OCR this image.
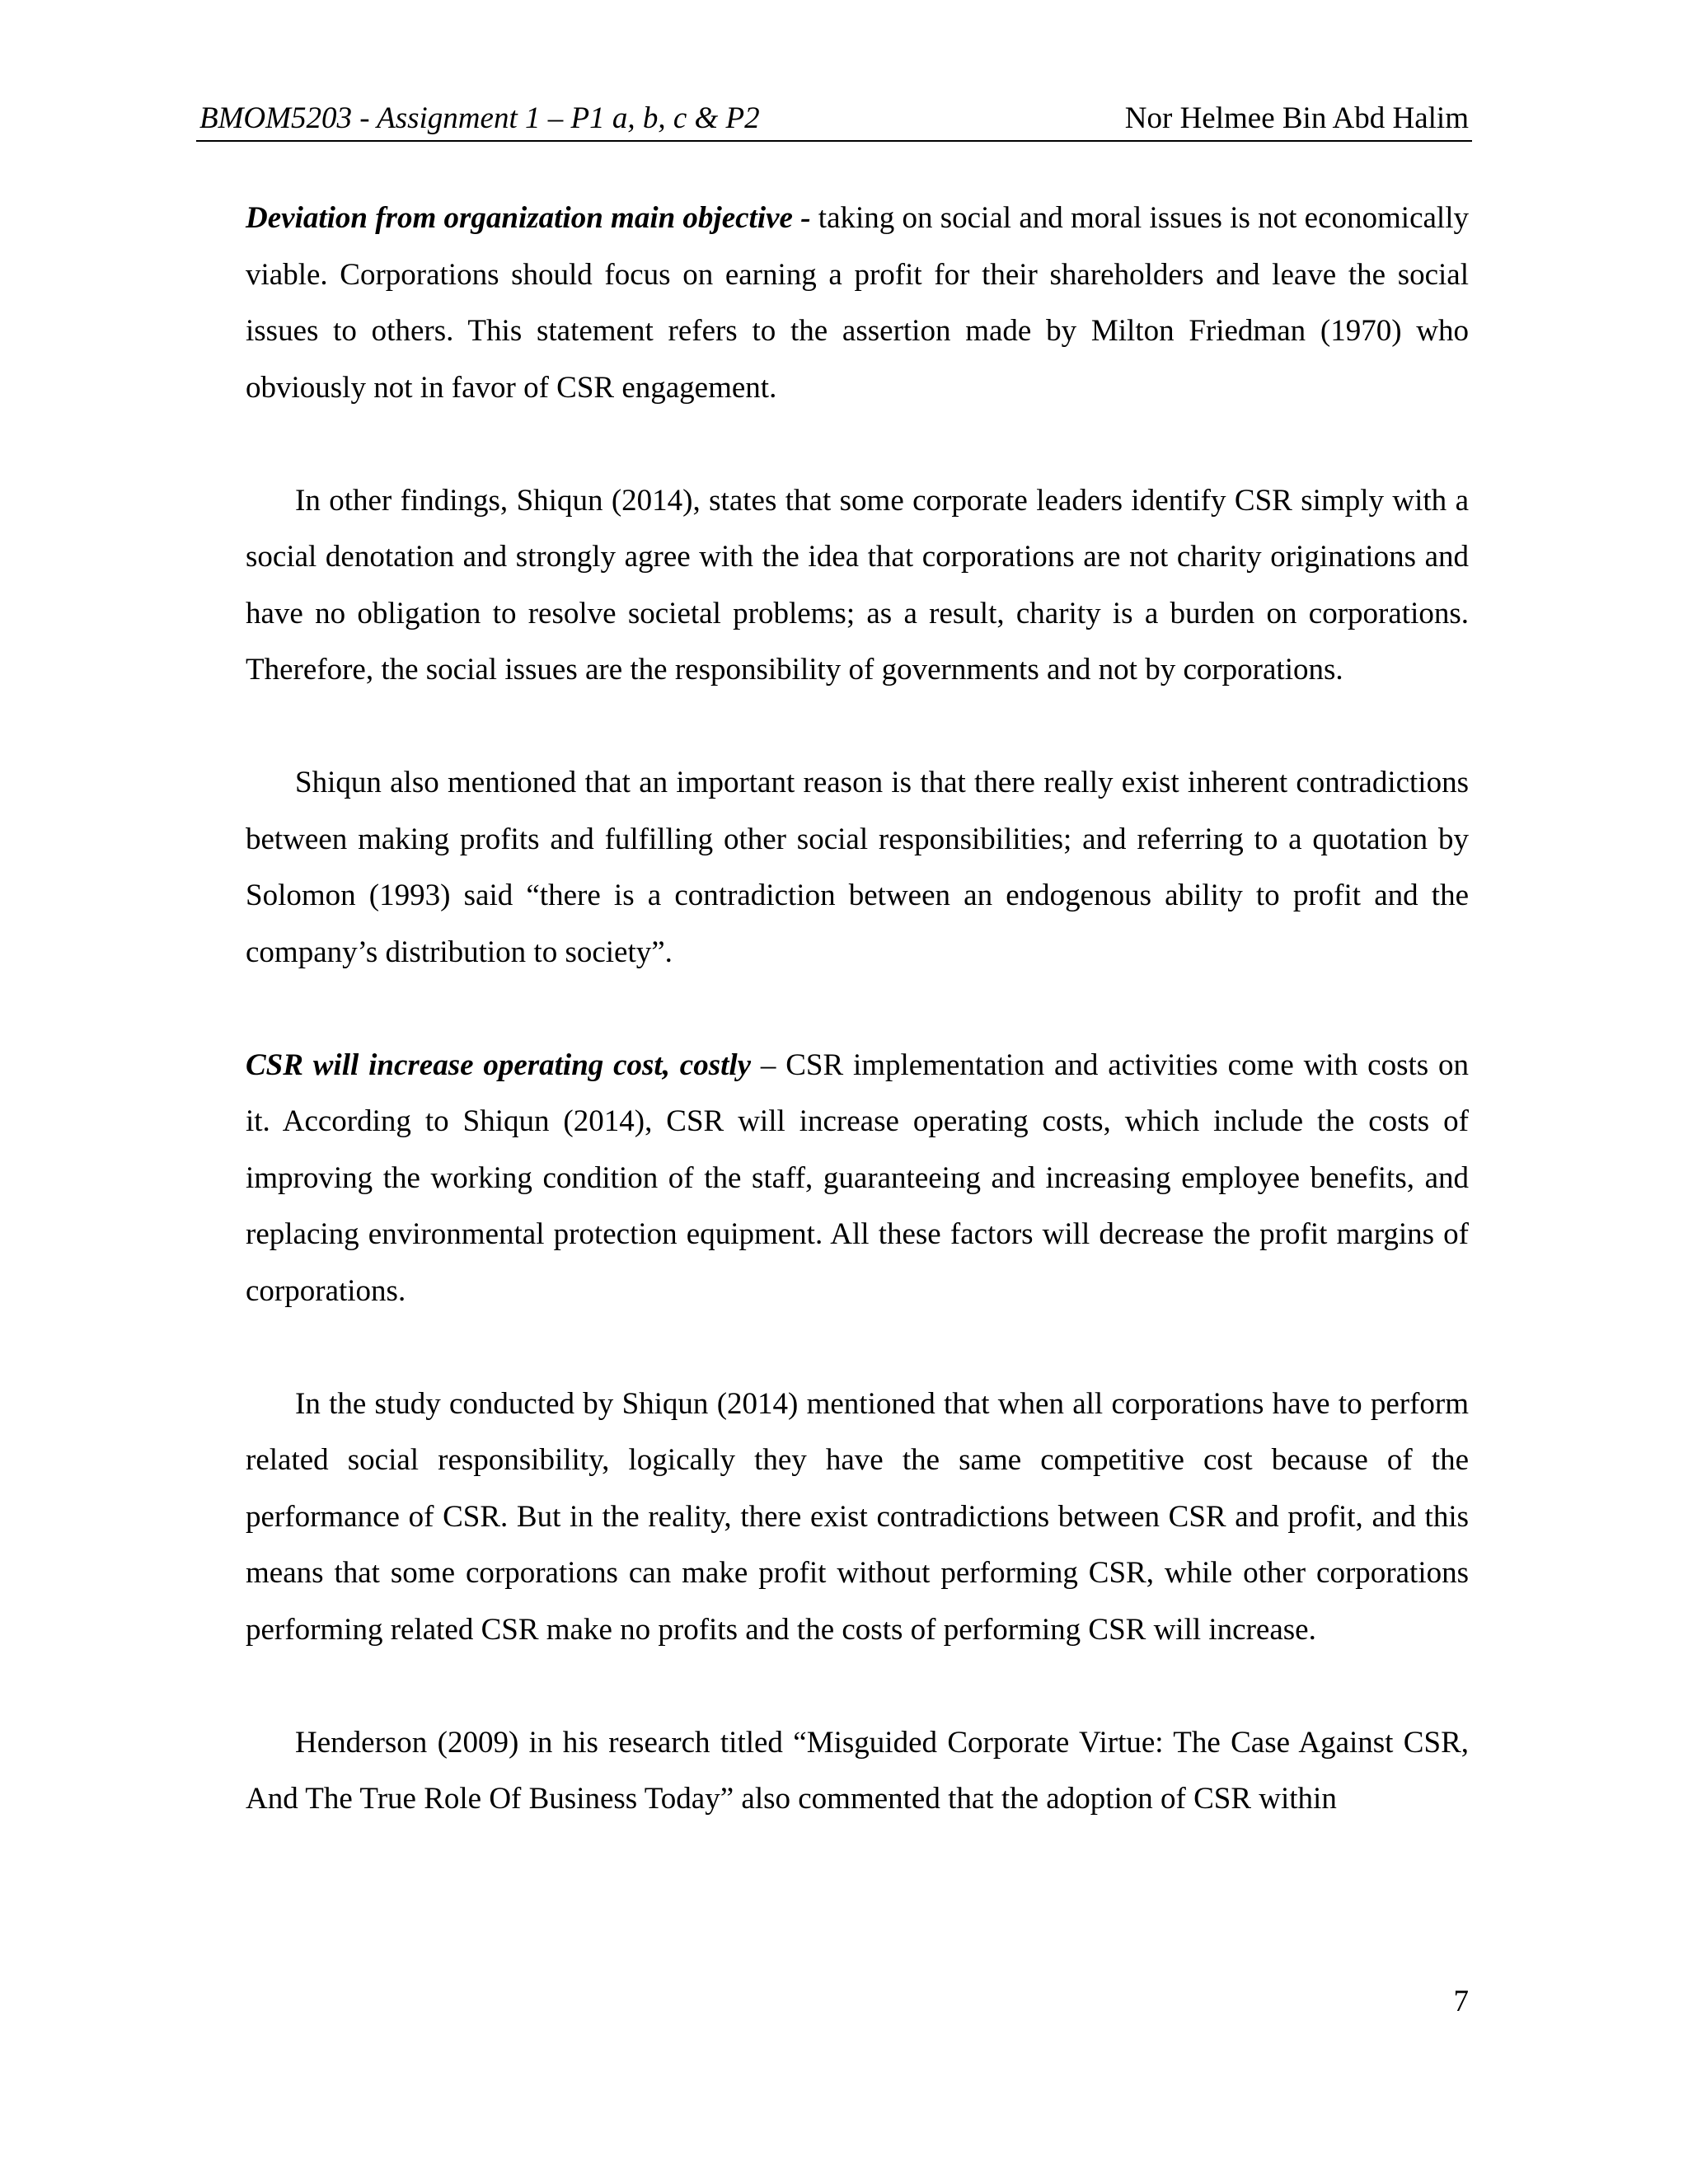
BMOM5203 - Assignment 1 – P1 a, b, c & P2	Nor Helmee Bin Abd Halim

Deviation from organization main objective - taking on social and moral issues is not economically viable. Corporations should focus on earning a profit for their shareholders and leave the social issues to others. This statement refers to the assertion made by Milton Friedman (1970) who obviously not in favor of CSR engagement.

In other findings, Shiqun (2014), states that some corporate leaders identify CSR simply with a social denotation and strongly agree with the idea that corporations are not charity originations and have no obligation to resolve societal problems; as a result, charity is a burden on corporations. Therefore, the social issues are the responsibility of governments and not by corporations.

Shiqun also mentioned that an important reason is that there really exist inherent contradictions between making profits and fulfilling other social responsibilities; and referring to a quotation by Solomon (1993) said “there is a contradiction between an endogenous ability to profit and the company’s distribution to society”.

CSR will increase operating cost, costly – CSR implementation and activities come with costs on it. According to Shiqun (2014), CSR will increase operating costs, which include the costs of improving the working condition of the staff, guaranteeing and increasing employee benefits, and replacing environmental protection equipment. All these factors will decrease the profit margins of corporations.

In the study conducted by Shiqun (2014) mentioned that when all corporations have to perform related social responsibility, logically they have the same competitive cost because of the performance of CSR. But in the reality, there exist contradictions between CSR and profit, and this means that some corporations can make profit without performing CSR, while other corporations performing related CSR make no profits and the costs of performing CSR will increase.

Henderson (2009) in his research titled “Misguided Corporate Virtue: The Case Against CSR, And The True Role Of Business Today” also commented that the adoption of CSR within

7
